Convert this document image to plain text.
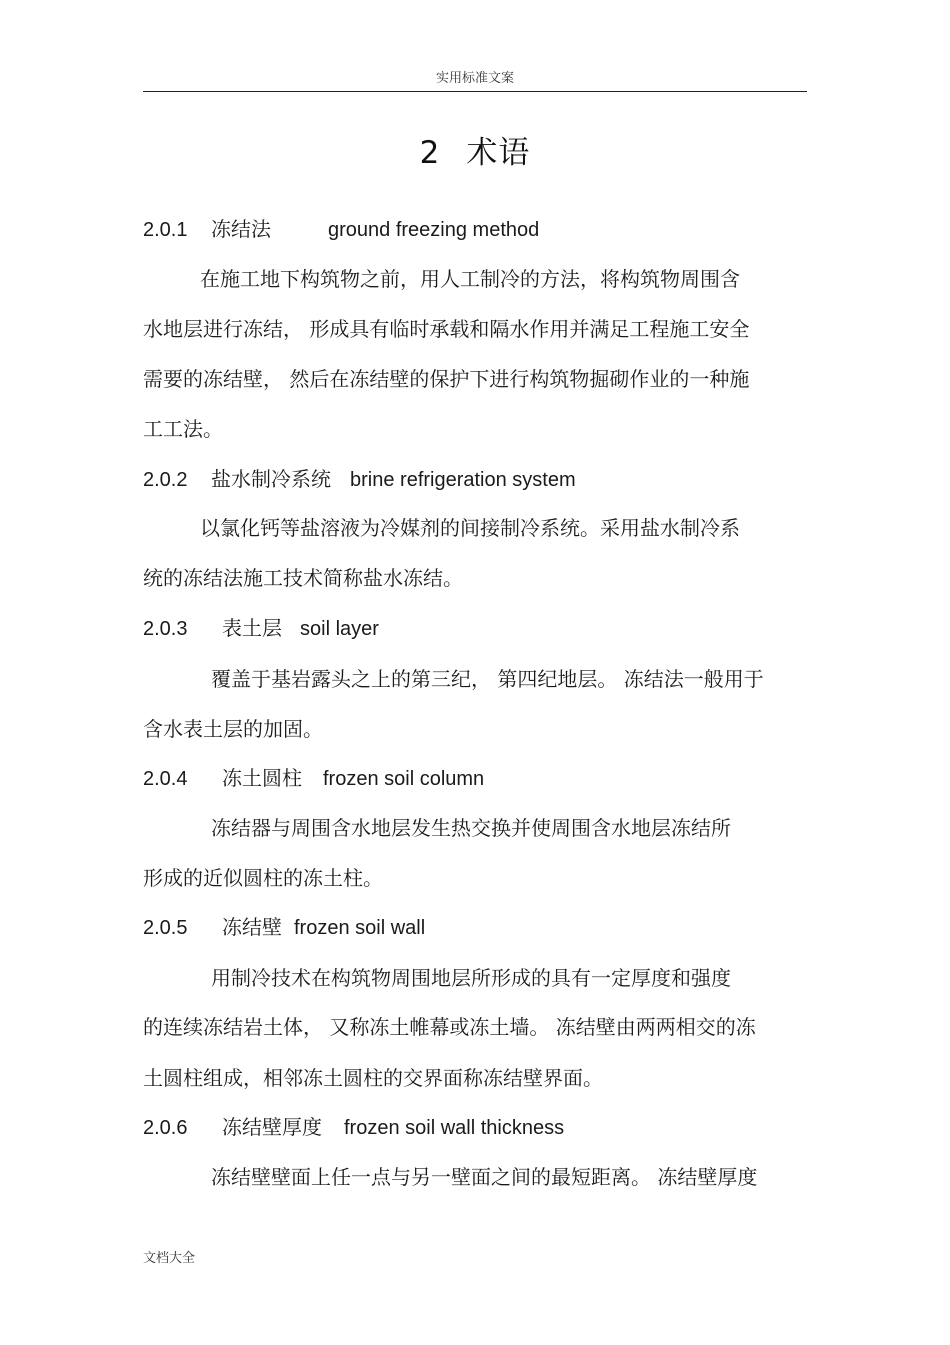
实用标准文案
2 术语
2.0.1 冻结法	ground freezing method
在施工地下构筑物之前，用人工制冷的方法，将构筑物周围含
水地层进行冻结， 形成具有临时承载和隔水作用并满足工程施工安全
需要的冻结壁， 然后在冻结壁的保护下进行构筑物掘砌作业的一种施
工工法。
2.0.2 盐水制冷系统 brine refrigeration system
以氯化钙等盐溶液为冷媒剂的间接制冷系统。采用盐水制冷系
统的冻结法施工技术简称盐水冻结。
2.0.3 表土层 soil layer
覆盖于基岩露头之上的第三纪， 第四纪地层。 冻结法一般用于
含水表土层的加固。
2.0.4 冻土圆柱 frozen soil column
冻结器与周围含水地层发生热交换并使周围含水地层冻结所
形成的近似圆柱的冻土柱。
2.0.5 冻结壁 frozen soil wall
用制冷技术在构筑物周围地层所形成的具有一定厚度和强度
的连续冻结岩土体， 又称冻土帷幕或冻土墙。 冻结壁由两两相交的冻
土圆柱组成，相邻冻土圆柱的交界面称冻结壁界面。
2.0.6 冻结壁厚度 frozen soil wall thickness
冻结壁壁面上任一点与另一壁面之间的最短距离。 冻结壁厚度
文档大全
